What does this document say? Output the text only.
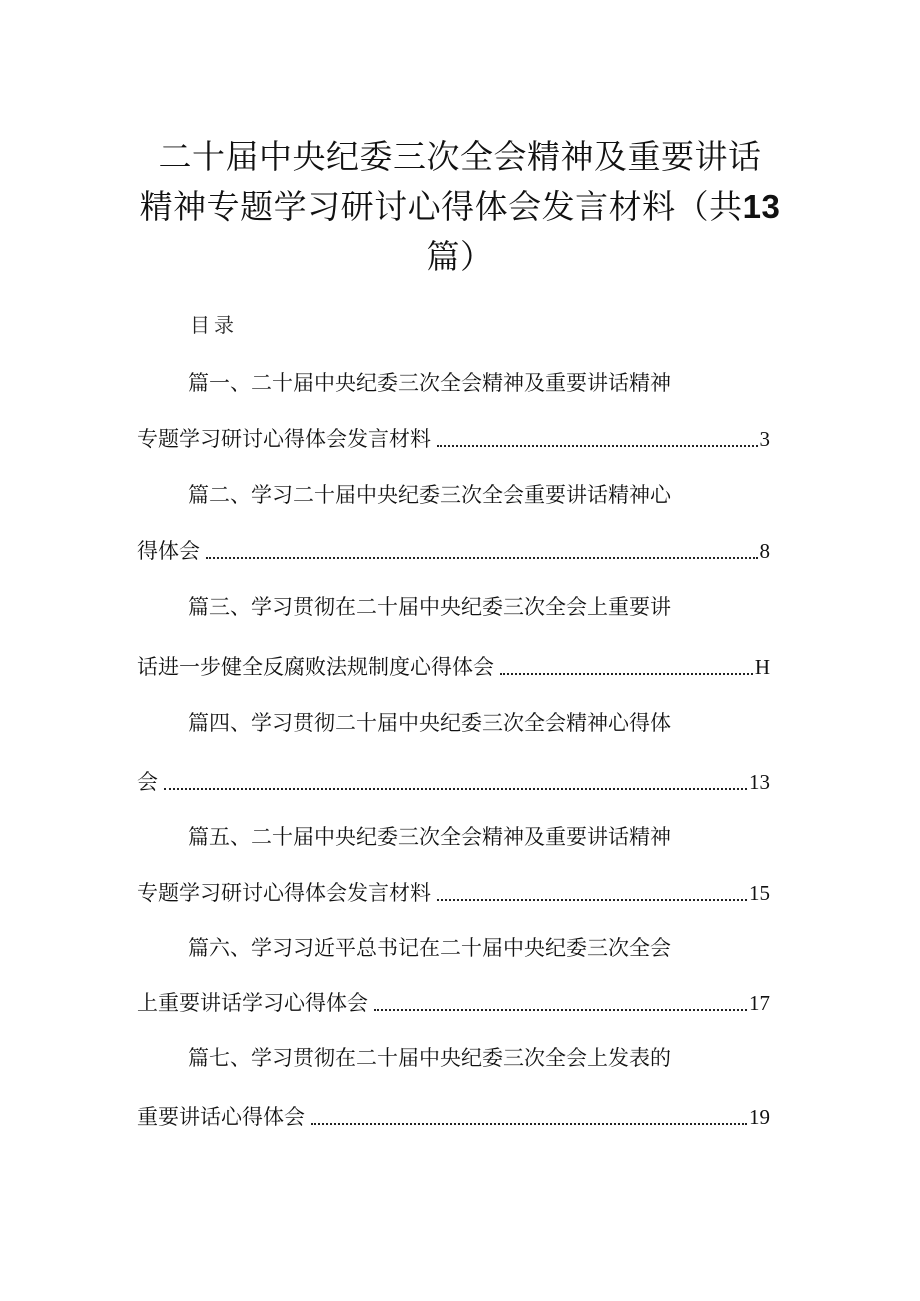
二十届中央纪委三次全会精神及重要讲话
精神专题学习研讨心得体会发言材料（共13
篇）
目录
篇一、二十届中央纪委三次全会精神及重要讲话精神
专题学习研讨心得体会发言材料	3
篇二、学习二十届中央纪委三次全会重要讲话精神心
得体会	8
篇三、学习贯彻在二十届中央纪委三次全会上重要讲
话进一步健全反腐败法规制度心得体会	H
篇四、学习贯彻二十届中央纪委三次全会精神心得体
会	13
篇五、二十届中央纪委三次全会精神及重要讲话精神
专题学习研讨心得体会发言材料	15
篇六、学习习近平总书记在二十届中央纪委三次全会
上重要讲话学习心得体会	17
篇七、学习贯彻在二十届中央纪委三次全会上发表的
重要讲话心得体会	19
